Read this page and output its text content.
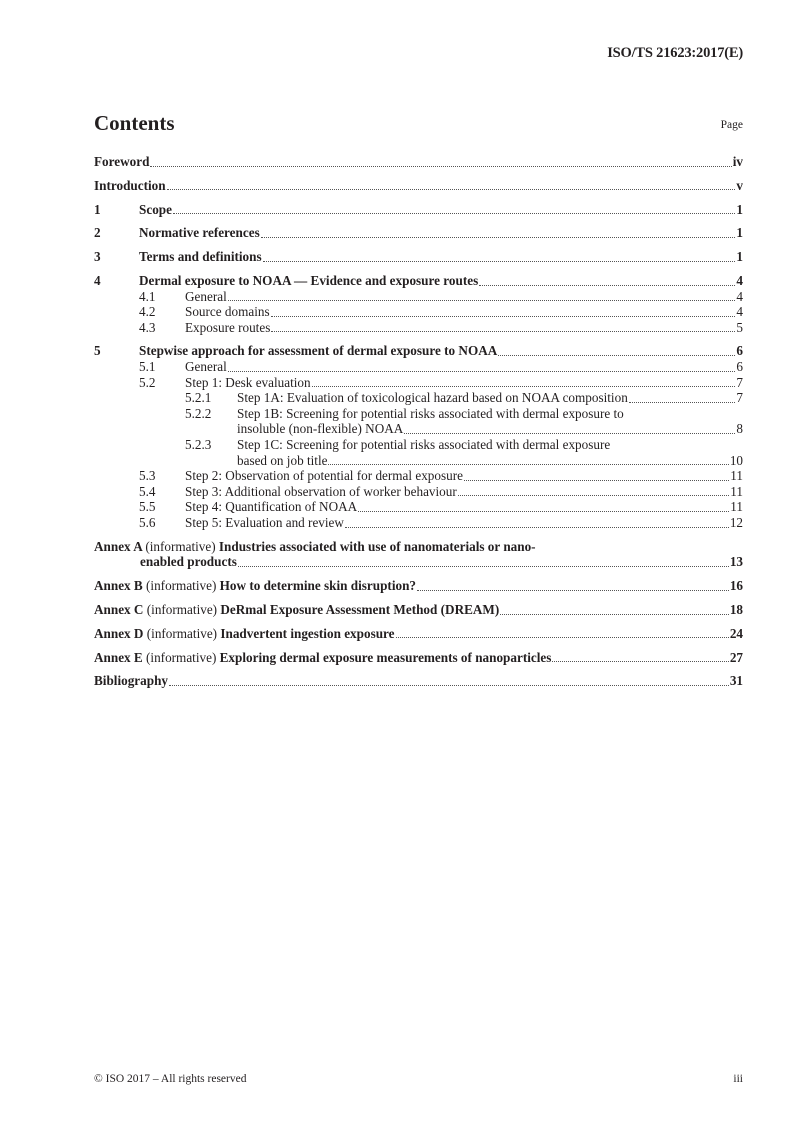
ISO/TS 21623:2017(E)
Contents	Page
Foreword	iv
Introduction	v
1	Scope	1
2	Normative references	1
3	Terms and definitions	1
4	Dermal exposure to NOAA — Evidence and exposure routes	4
4.1	General	4
4.2	Source domains	4
4.3	Exposure routes	5
5	Stepwise approach for assessment of dermal exposure to NOAA	6
5.1	General	6
5.2	Step 1: Desk evaluation	7
5.2.1	Step 1A: Evaluation of toxicological hazard based on NOAA composition	7
5.2.2	Step 1B: Screening for potential risks associated with dermal exposure to
insoluble (non-flexible) NOAA	8
5.2.3	Step 1C: Screening for potential risks associated with dermal exposure
based on job title	10
5.3	Step 2: Observation of potential for dermal exposure	11
5.4	Step 3: Additional observation of worker behaviour	11
5.5	Step 4: Quantification of NOAA	11
5.6	Step 5: Evaluation and review	12
Annex A (informative) Industries associated with use of nanomaterials or nano-
enabled products	13
Annex B (informative) How to determine skin disruption?	16
Annex C (informative) DeRmal Exposure Assessment Method (DREAM)	18
Annex D (informative) Inadvertent ingestion exposure	24
Annex E (informative) Exploring dermal exposure measurements of nanoparticles	27
Bibliography	31
© ISO 2017 – All rights reserved	iii
